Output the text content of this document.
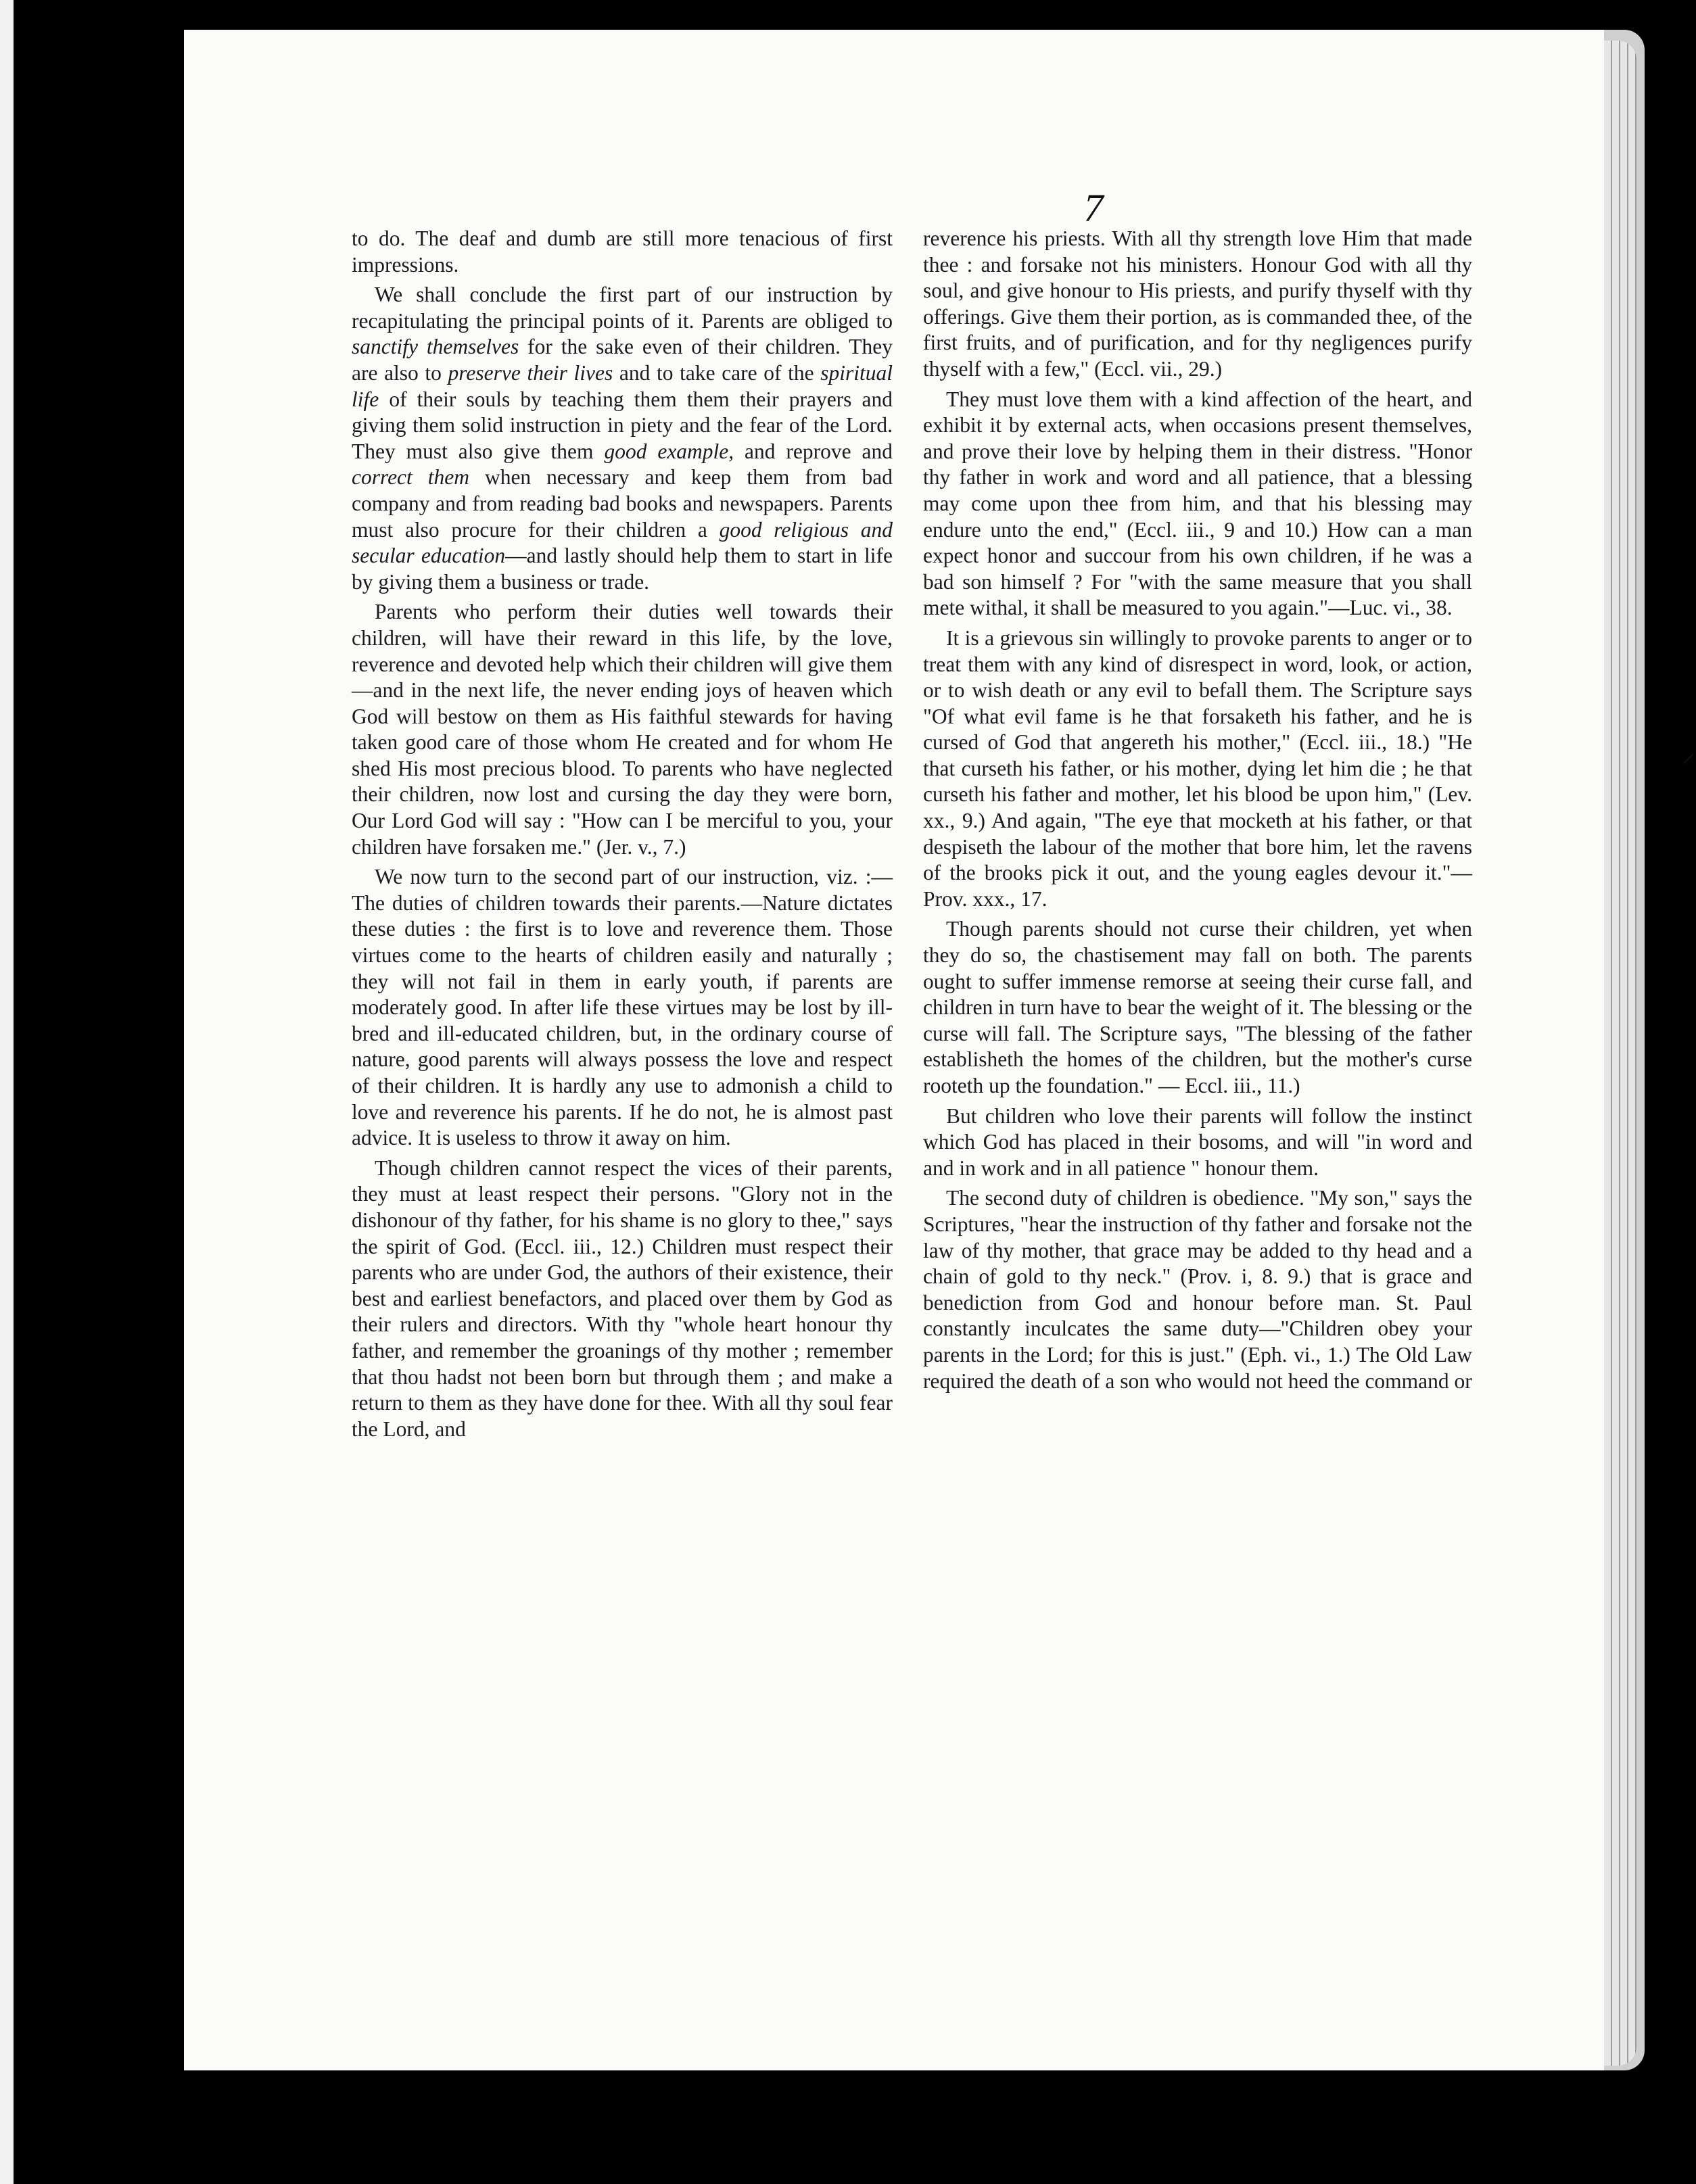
7

to do. The deaf and dumb are still more tenacious of first impressions.

We shall conclude the first part of our instruction by recapitulating the principal points of it. Parents are obliged to sanctify themselves for the sake even of their children. They are also to preserve their lives and to take care of the spiritual life of their souls by teaching them them their prayers and giving them solid instruction in piety and the fear of the Lord. They must also give them good example, and reprove and correct them when necessary and keep them from bad company and from reading bad books and newspapers. Parents must also procure for their children a good religious and secular education—and lastly should help them to start in life by giving them a business or trade.

Parents who perform their duties well towards their children, will have their reward in this life, by the love, reverence and devoted help which their children will give them—and in the next life, the never ending joys of heaven which God will bestow on them as His faithful stewards for having taken good care of those whom He created and for whom He shed His most precious blood. To parents who have neglected their children, now lost and cursing the day they were born, Our Lord God will say : "How can I be merciful to you, your children have forsaken me." (Jer. v., 7.)

We now turn to the second part of our instruction, viz. :—The duties of children towards their parents.—Nature dictates these duties : the first is to love and reverence them. Those virtues come to the hearts of children easily and naturally ; they will not fail in them in early youth, if parents are moderately good. In after life these virtues may be lost by ill-bred and ill-educated children, but, in the ordinary course of nature, good parents will always possess the love and respect of their children. It is hardly any use to admonish a child to love and reverence his parents. If he do not, he is almost past advice. It is useless to throw it away on him.

Though children cannot respect the vices of their parents, they must at least respect their persons. "Glory not in the dishonour of thy father, for his shame is no glory to thee," says the spirit of God. (Eccl. iii., 12.) Children must respect their parents who are under God, the authors of their existence, their best and earliest benefactors, and placed over them by God as their rulers and directors. With thy "whole heart honour thy father, and remember the groanings of thy mother ; remember that thou hadst not been born but through them ; and make a return to them as they have done for thee. With all thy soul fear the Lord, and

reverence his priests. With all thy strength love Him that made thee : and forsake not his ministers. Honour God with all thy soul, and give honour to His priests, and purify thyself with thy offerings. Give them their portion, as is commanded thee, of the first fruits, and of purification, and for thy negligences purify thyself with a few," (Eccl. vii., 29.)

They must love them with a kind affection of the heart, and exhibit it by external acts, when occasions present themselves, and prove their love by helping them in their distress. "Honor thy father in work and word and all patience, that a blessing may come upon thee from him, and that his blessing may endure unto the end," (Eccl. iii., 9 and 10.) How can a man expect honor and succour from his own children, if he was a bad son himself ? For "with the same measure that you shall mete withal, it shall be measured to you again."—Luc. vi., 38.

It is a grievous sin willingly to provoke parents to anger or to treat them with any kind of disrespect in word, look, or action, or to wish death or any evil to befall them. The Scripture says "Of what evil fame is he that forsaketh his father, and he is cursed of God that angereth his mother," (Eccl. iii., 18.) "He that curseth his father, or his mother, dying let him die ; he that curseth his father and mother, let his blood be upon him," (Lev. xx., 9.) And again, "The eye that mocketh at his father, or that despiseth the labour of the mother that bore him, let the ravens of the brooks pick it out, and the young eagles devour it."—Prov. xxx., 17.

Though parents should not curse their children, yet when they do so, the chastisement may fall on both. The parents ought to suffer immense remorse at seeing their curse fall, and children in turn have to bear the weight of it. The blessing or the curse will fall. The Scripture says, "The blessing of the father establisheth the homes of the children, but the mother's curse rooteth up the foundation." — Eccl. iii., 11.)

But children who love their parents will follow the instinct which God has placed in their bosoms, and will "in word and and in work and in all patience " honour them.

The second duty of children is obedience. "My son," says the Scriptures, "hear the instruction of thy father and forsake not the law of thy mother, that grace may be added to thy head and a chain of gold to thy neck." (Prov. i, 8. 9.) that is grace and benediction from God and honour before man. St. Paul constantly inculcates the same duty—"Children obey your parents in the Lord; for this is just." (Eph. vi., 1.) The Old Law required the death of a son who would not heed the command or

⸍
